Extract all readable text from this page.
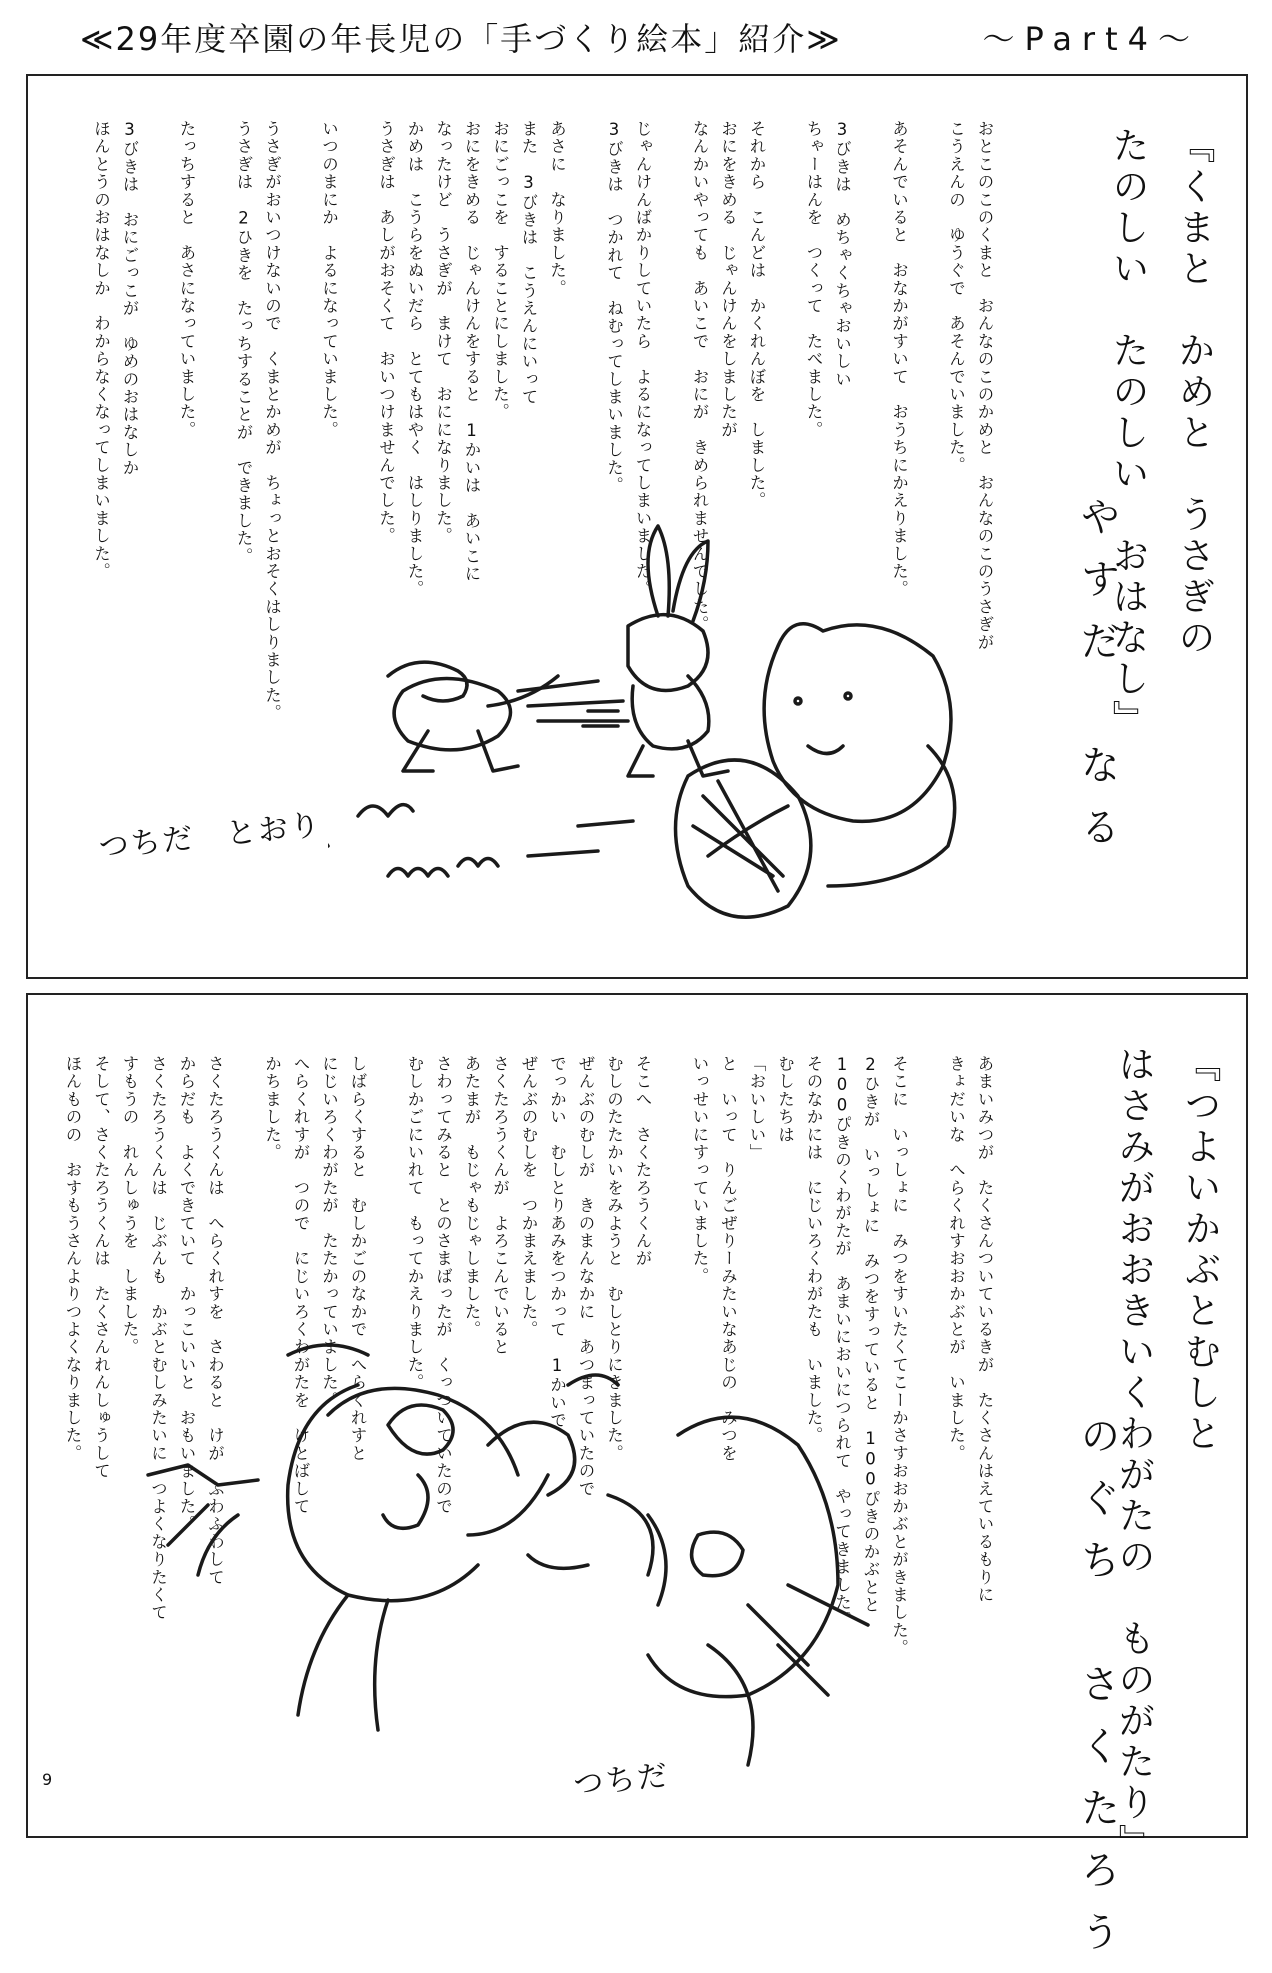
≪29年度卒園の年長児の「手づくり絵本」紹介≫	～Part4～
『くまと　かめと　うさぎの
たのしい　たのしい　おはなし』
やすだ　なる
おとこのこのくまと　おんなのこのかめと　おんなのこのうさぎが
こうえんの　ゆうぐで　あそんでいました。

あそんでいると　おなかがすいて　おうちにかえりました。

3びきは　めちゃくちゃおいしい
ちゃーはんを　つくって　たべました。

それから　こんどは　かくれんぼを　しました。
おにをきめる　じゃんけんをしましたが
なんかいやっても　あいこで　おにが　きめられませんでした。

じゃんけんばかりしていたら　よるになってしまいました。
3びきは　つかれて　ねむってしまいました。

あさに　なりました。
また　3びきは　こうえんにいって
おにごっこを　することにしました。
おにをきめる　じゃんけんをすると　1かいは　あいこに
なったけど　うさぎが　まけて　おにになりました。
かめは　こうらをぬいだら　とてもはやく　はしりました。
うさぎは　あしがおそくて　おいつけませんでした。

いつのまにか　よるになっていました。

うさぎがおいつけないので　くまとかめが　ちょっとおそくはしりました。
うさぎは　2ひきを　たっちすることが　できました。

たっちすると　あさになっていました。

3びきは　おにごっこが　ゆめのおはなしか
ほんとうのおはなしか　わからなくなってしまいました。
つちだ　とおり
『つよいかぶとむしと
はさみがおおきいくわがたの　ものがたり』
のぐち　さくたろう
あまいみつが　たくさんついているきが　たくさんはえているもりに
きょだいな　へらくれすおおかぶとが　いました。

そこに　いっしょに　みつをすいたくてこーかさすおおかぶとがきました。
2ひきが　いっしょに　みつをすっていると　100ぴきのかぶとと
100ぴきのくわがたが　あまいにおいにつられて　やってきました。
そのなかには　にじいろくわがたも　いました。
むしたちは
「おいしい」
と　いって　りんごぜりーみたいなあじの　みつを
いっせいにすっていました。

そこへ　さくたろうくんが
むしのたたかいをみようと　むしとりにきました。
ぜんぶのむしが　きのまんなかに　あつまっていたので
でっかい　むしとりあみをつかって　1かいで
ぜんぶのむしを　つかまえました。
さくたろうくんが　よろこんでいると
あたまが　もじゃもじゃしました。
さわってみると　とのさまばったが　くっついていたので
むしかごにいれて　もってかえりました。

しばらくすると　むしかごのなかで　へらくれすと
にじいろくわがたが　たたかっていました。
へらくれすが　つので　にじいろくわがたを　けとばして
かちました。

さくたろうくんは　へらくれすを　さわると　けが　ふわふわして
からだも　よくできていて　かっこいいと　おもいました。
さくたろうくんは　じぶんも　かぶとむしみたいに　つよくなりたくて
すもうの　れんしゅうを　しました。
そして、さくたろうくんは　たくさんれんしゅうして
ほんものの　おすもうさんよりつよくなりました。
つちだ
9
